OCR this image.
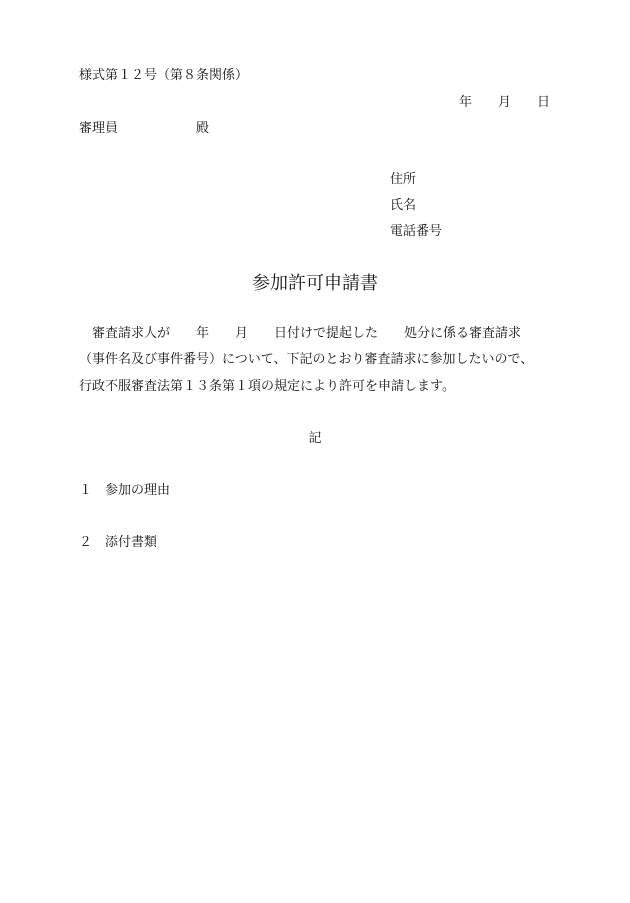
様式第１２号（第８条関係）

年　　月　　日

審理員　　　　　　殿

住所

氏名

電話番号

参加許可申請書

　審査請求人が　　年　　月　　日付けで提起した　　処分に係る審査請求

（事件名及び事件番号）について、下記のとおり審査請求に参加したいので、

行政不服審査法第１３条第１項の規定により許可を申請します。

記

１　参加の理由

２　添付書類
